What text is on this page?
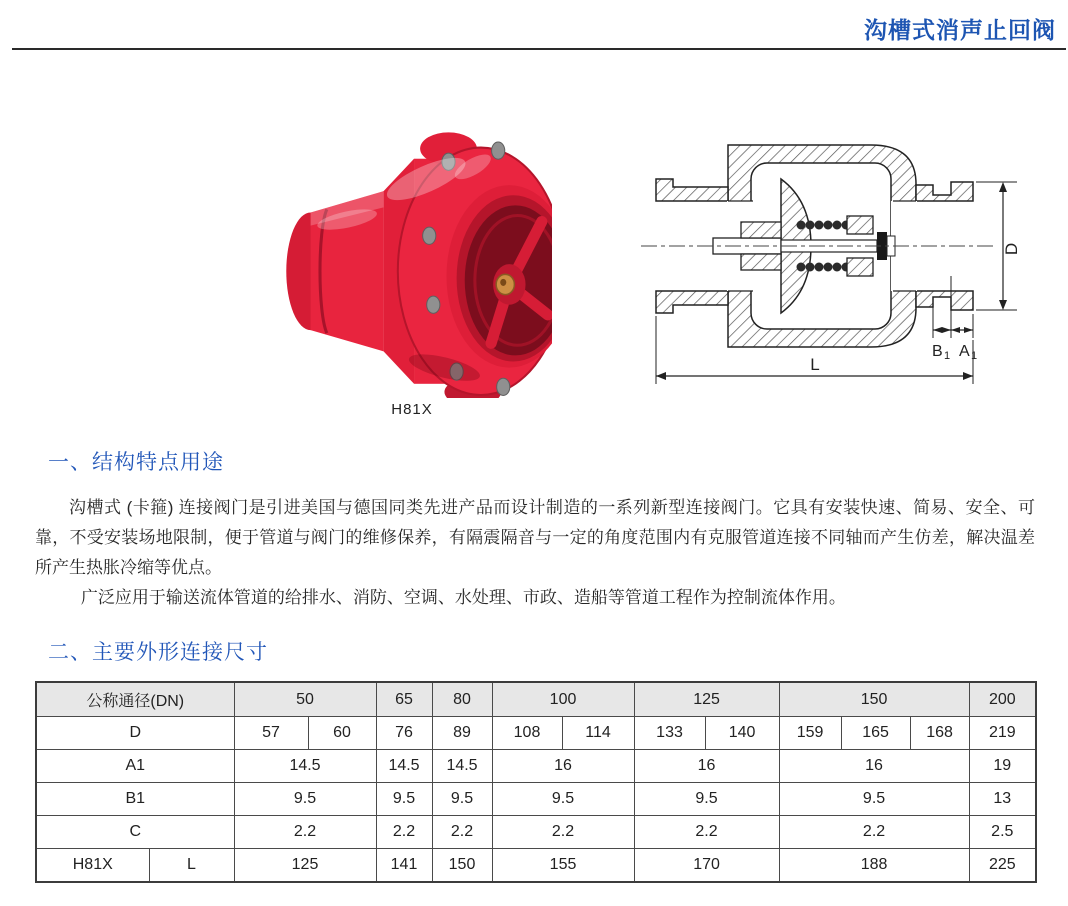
沟槽式消声止回阀
H81X
D
B 1 A 1
L
一、结构特点用途

沟槽式 (卡箍) 连接阀门是引进美国与德国同类先进产品而设计制造的一系列新型连接阀门。它具有安装快速、简易、安全、可靠，不受安装场地限制，便于管道与阀门的维修保养，有隔震隔音与一定的角度范围内有克服管道连接不同轴而产生仿差，解决温差所产生热胀冷缩等优点。

广泛应用于输送流体管道的给排水、消防、空调、水处理、市政、造船等管道工程作为控制流体作用。

二、主要外形连接尺寸
公称通径(DN)		50		65	80	100		125		150			200
D		57	60	76	89	108	114	133	140	159	165	168	219
A1		14.5		14.5	14.5	16		16		16			19
B1		9.5		9.5	9.5	9.5		9.5		9.5			13
C		2.2		2.2	2.2	2.2		2.2		2.2			2.5
H81X	L	125		141	150	155		170		188			225
